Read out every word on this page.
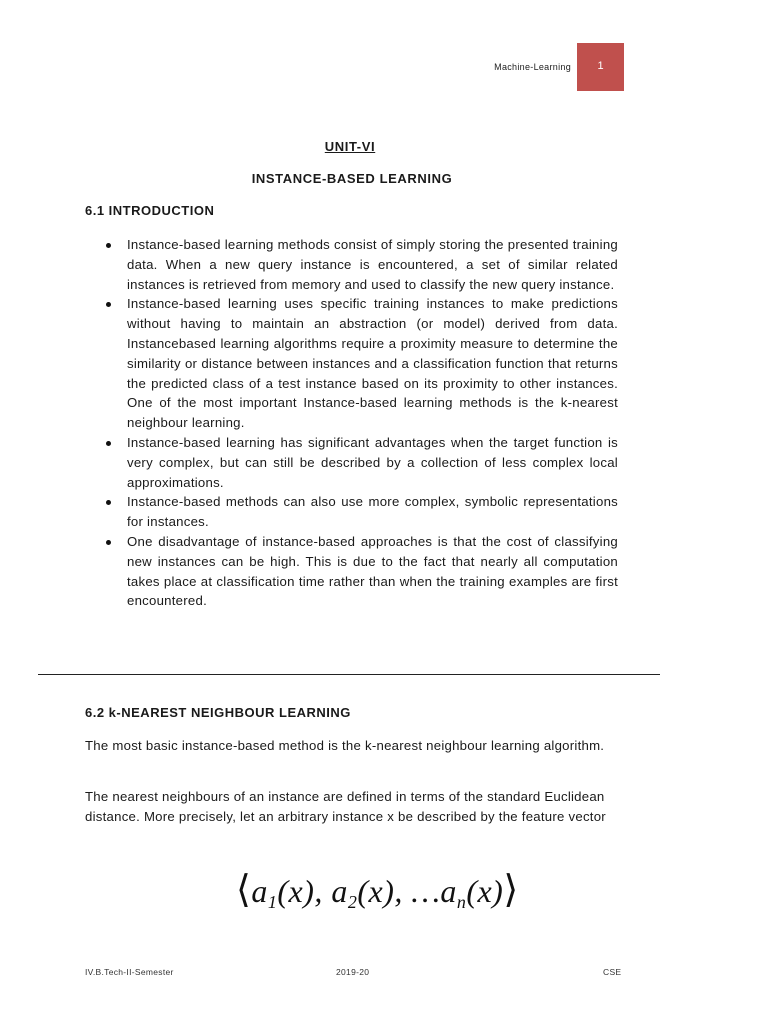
Machine-Learning	1
UNIT-VI
INSTANCE-BASED LEARNING
6.1 INTRODUCTION
Instance-based learning methods consist of simply storing the presented training data. When a new query instance is encountered, a set of similar related instances is retrieved from memory and used to classify the new query instance.
Instance-based learning uses specific training instances to make predictions without having to maintain an abstraction (or model) derived from data. Instancebased learning algorithms require a proximity measure to determine the similarity or distance between instances and a classification function that returns the predicted class of a test instance based on its proximity to other instances. One of the most important Instance-based learning methods is the k-nearest neighbour learning.
Instance-based learning has significant advantages when the target function is very complex, but can still be described by a collection of less complex local approximations.
Instance-based methods can also use more complex, symbolic representations for instances.
One disadvantage of instance-based approaches is that the cost of classifying new instances can be high. This is due to the fact that nearly all computation takes place at classification time rather than when the training examples are first encountered.
6.2 k-NEAREST NEIGHBOUR LEARNING

The most basic instance-based method is the k-nearest neighbour learning algorithm.

The nearest neighbours of an instance are defined in terms of the standard Euclidean distance. More precisely, let an arbitrary instance x be described by the feature vector

$⟨a_1(x)$, $a_2(x)$, $\dots a_n(x)⟩$
IV.B.Tech-II-Semester	2019-20	CSE
